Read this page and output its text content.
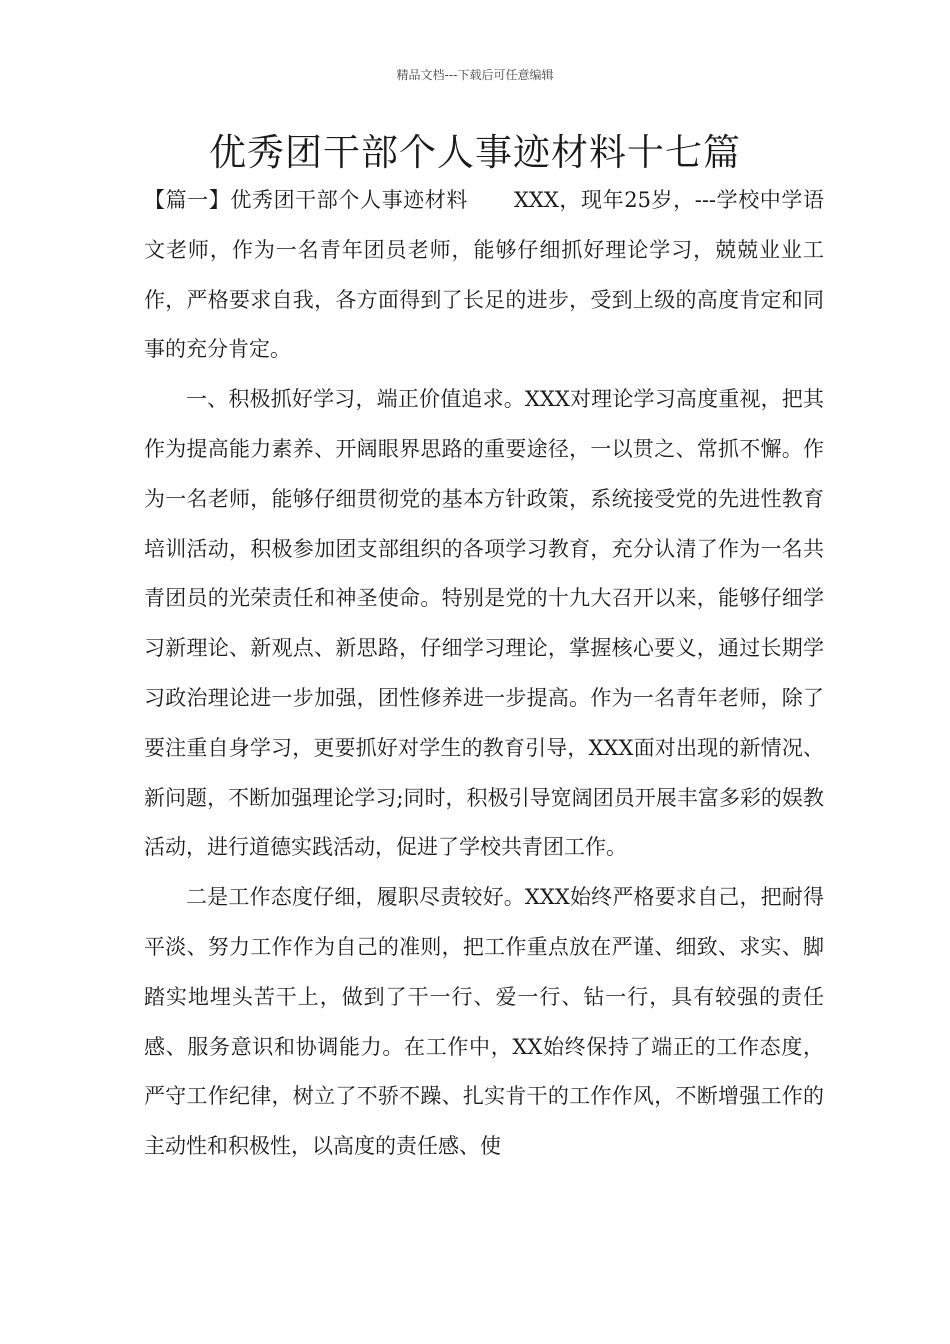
精品文档---下载后可任意编辑
优秀团干部个人事迹材料十七篇

【篇一】优秀团干部个人事迹材料 XXX，现年25岁，---学校中学语文老师，作为一名青年团员老师，能够仔细抓好理论学习，兢兢业业工作，严格要求自我，各方面得到了长足的进步，受到上级的高度肯定和同事的充分肯定。

一、积极抓好学习，端正价值追求。XXX对理论学习高度重视，把其作为提高能力素养、开阔眼界思路的重要途径，一以贯之、常抓不懈。作为一名老师，能够仔细贯彻党的基本方针政策，系统接受党的先进性教育培训活动，积极参加团支部组织的各项学习教育，充分认清了作为一名共青团员的光荣责任和神圣使命。特别是党的十九大召开以来，能够仔细学习新理论、新观点、新思路，仔细学习理论，掌握核心要义，通过长期学习政治理论进一步加强，团性修养进一步提高。作为一名青年老师，除了要注重自身学习，更要抓好对学生的教育引导，XXX面对出现的新情况、新问题，不断加强理论学习;同时，积极引导宽阔团员开展丰富多彩的娱教活动，进行道德实践活动，促进了学校共青团工作。

二是工作态度仔细，履职尽责较好。XXX始终严格要求自己，把耐得平淡、努力工作作为自己的准则，把工作重点放在严谨、细致、求实、脚踏实地埋头苦干上，做到了干一行、爱一行、钻一行，具有较强的责任感、服务意识和协调能力。在工作中，XX始终保持了端正的工作态度，严守工作纪律，树立了不骄不躁、扎实肯干的工作作风，不断增强工作的主动性和积极性，以高度的责任感、使
